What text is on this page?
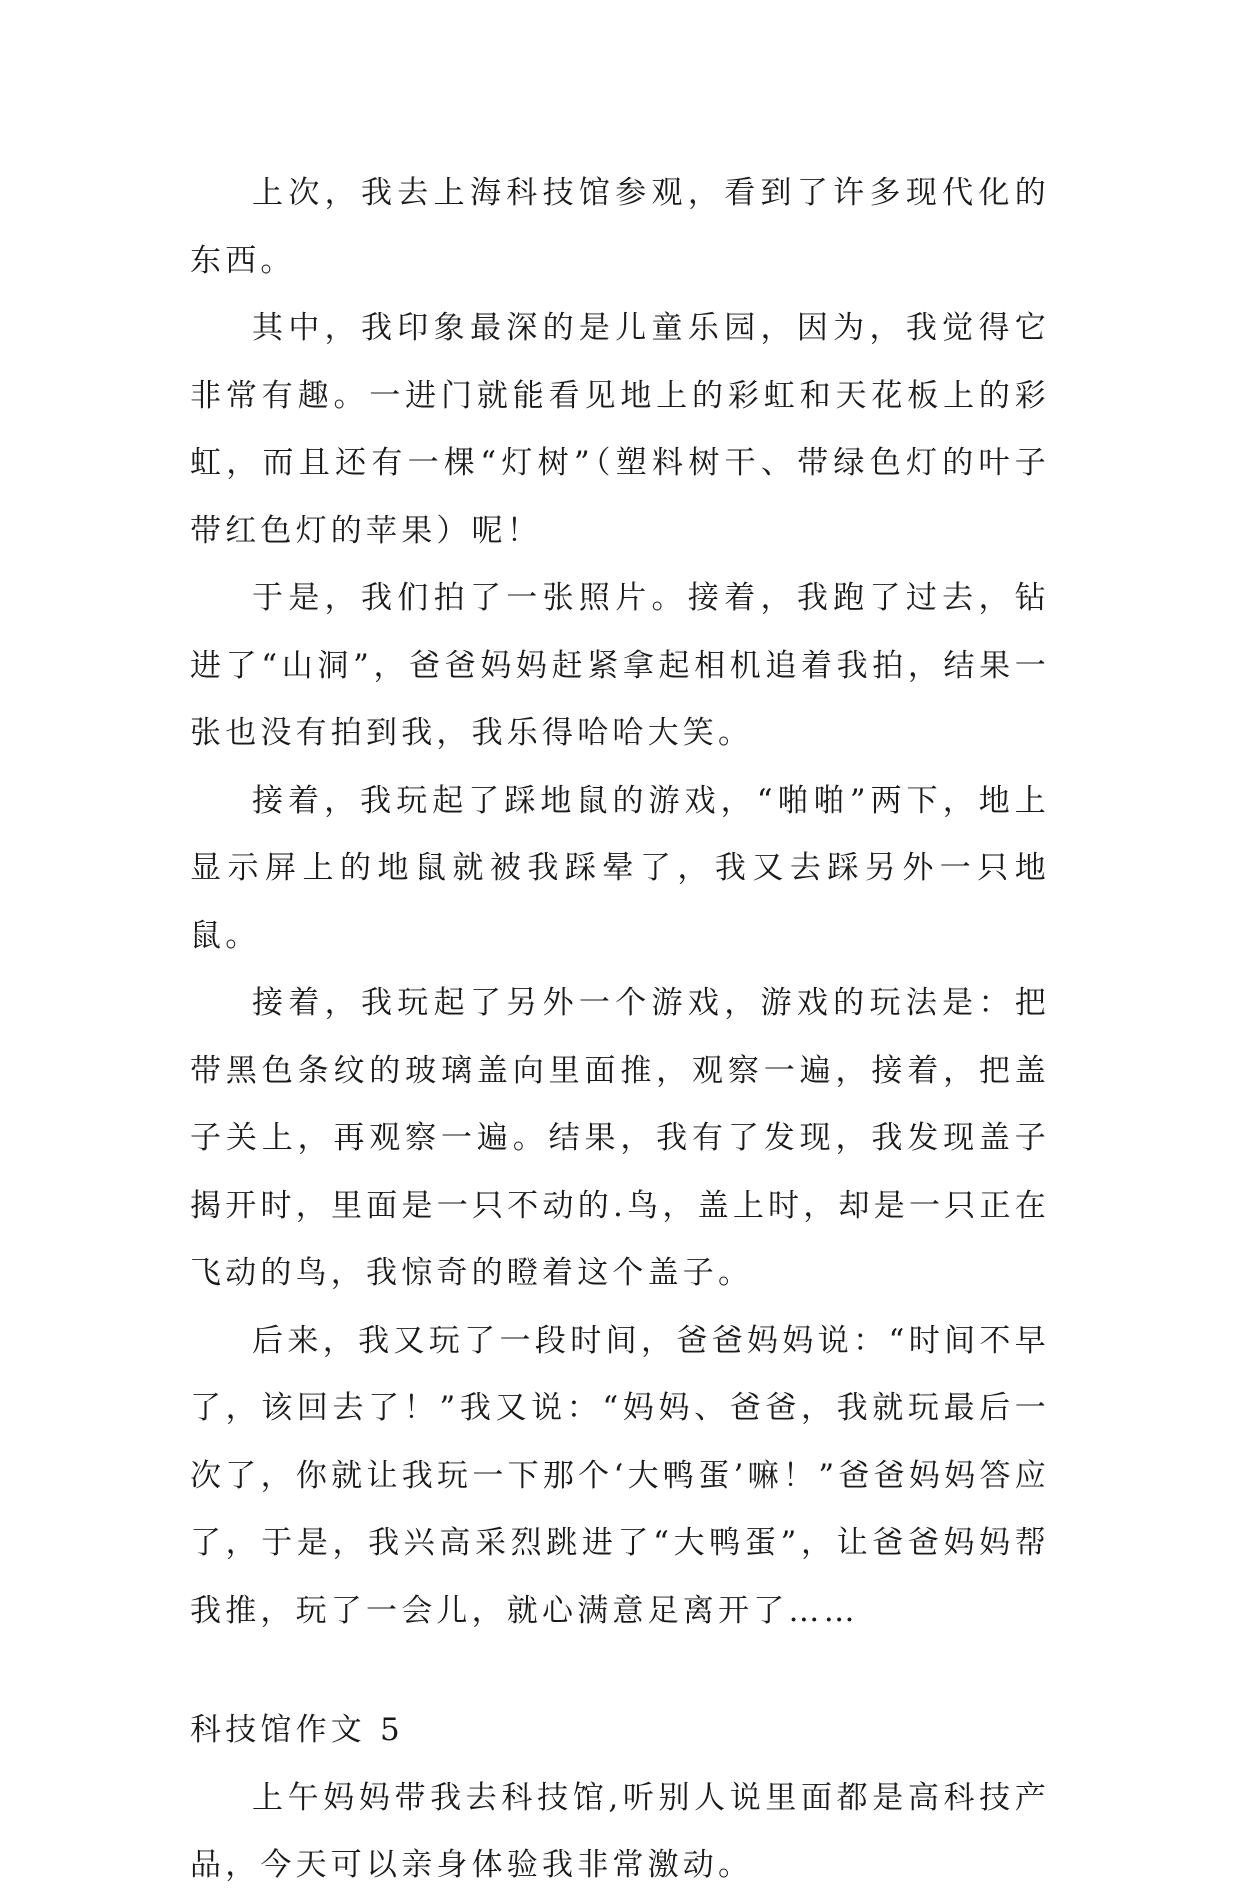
上次，我去上海科技馆参观，看到了许多现代化的东西。

其中，我印象最深的是儿童乐园，因为，我觉得它非常有趣。一进门就能看见地上的彩虹和天花板上的彩虹，而且还有一棵“灯树”（塑料树干、带绿色灯的叶子带红色灯的苹果）呢！

于是，我们拍了一张照片。接着，我跑了过去，钻进了“山洞”，爸爸妈妈赶紧拿起相机追着我拍，结果一张也没有拍到我，我乐得哈哈大笑。

接着，我玩起了踩地鼠的游戏，“啪啪”两下，地上显示屏上的地鼠就被我踩晕了，我又去踩另外一只地鼠。

接着，我玩起了另外一个游戏，游戏的玩法是：把带黑色条纹的玻璃盖向里面推，观察一遍，接着，把盖子关上，再观察一遍。结果，我有了发现，我发现盖子揭开时，里面是一只不动的.鸟，盖上时，却是一只正在飞动的鸟，我惊奇的瞪着这个盖子。

后来，我又玩了一段时间，爸爸妈妈说：“时间不早了，该回去了！”我又说：“妈妈、爸爸，我就玩最后一次了，你就让我玩一下那个‘大鸭蛋’嘛！”爸爸妈妈答应了，于是，我兴高采烈跳进了“大鸭蛋”，让爸爸妈妈帮我推，玩了一会儿，就心满意足离开了……

科技馆作文 5

上午妈妈带我去科技馆,听别人说里面都是高科技产品，今天可以亲身体验我非常激动。
